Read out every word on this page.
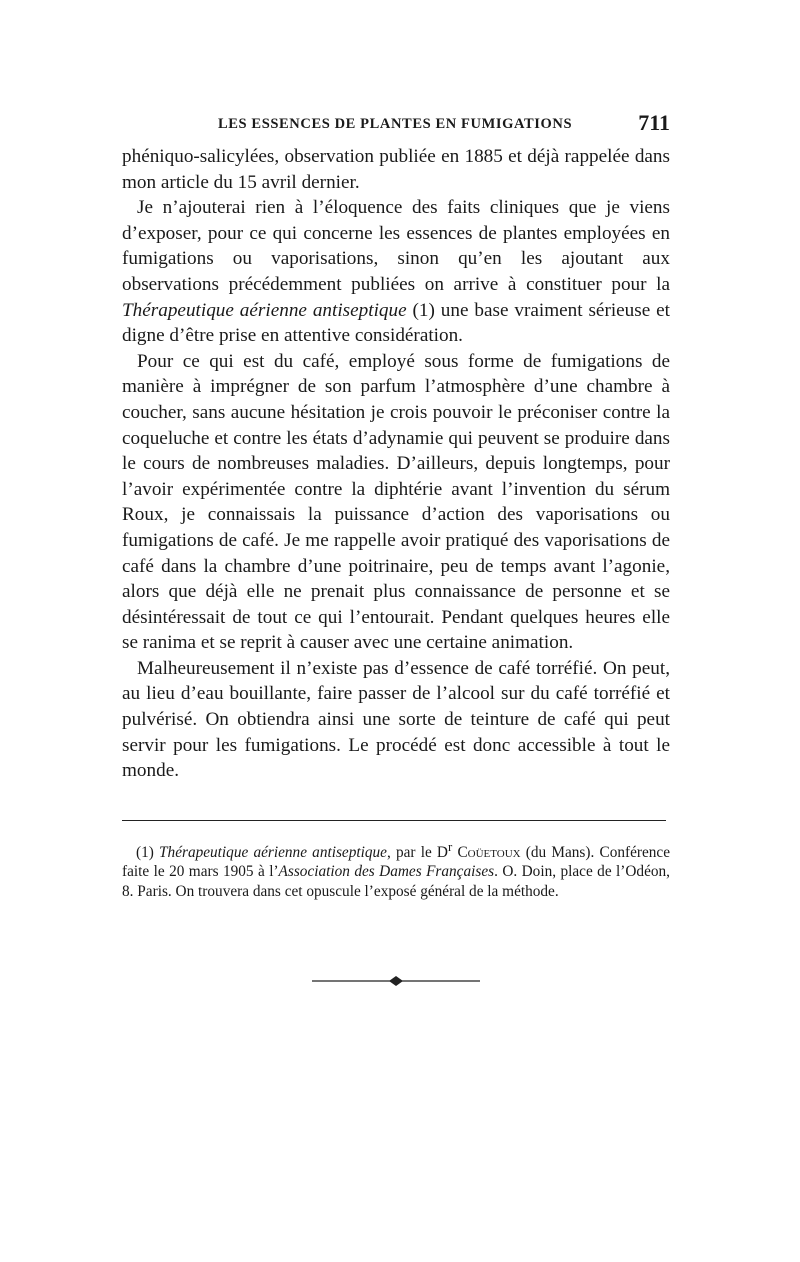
LES ESSENCES DE PLANTES EN FUMIGATIONS	711

phéniquo-salicylées, observation publiée en 1885 et déjà rappelée dans mon article du 15 avril dernier.

Je n’ajouterai rien à l’éloquence des faits cliniques que je viens d’exposer, pour ce qui concerne les essences de plantes employées en fumigations ou vaporisations, sinon qu’en les ajoutant aux observations précédemment publiées on arrive à constituer pour la Thérapeutique aérienne antiseptique (1) une base vraiment sérieuse et digne d’être prise en attentive considération.

Pour ce qui est du café, employé sous forme de fumigations de manière à imprégner de son parfum l’atmosphère d’une chambre à coucher, sans aucune hésitation je crois pouvoir le préconiser contre la coqueluche et contre les états d’adynamie qui peuvent se produire dans le cours de nombreuses maladies. D’ailleurs, depuis longtemps, pour l’avoir expérimentée contre la diphtérie avant l’invention du sérum Roux, je connaissais la puissance d’action des vaporisations ou fumigations de café. Je me rappelle avoir pratiqué des vaporisations de café dans la chambre d’une poitrinaire, peu de temps avant l’agonie, alors que déjà elle ne prenait plus connaissance de personne et se désintéressait de tout ce qui l’entourait. Pendant quelques heures elle se ranima et se reprit à causer avec une certaine animation.

Malheureusement il n’existe pas d’essence de café torréfié. On peut, au lieu d’eau bouillante, faire passer de l’alcool sur du café torréfié et pulvérisé. On obtiendra ainsi une sorte de teinture de café qui peut servir pour les fumigations. Le procédé est donc accessible à tout le monde.

(1) Thérapeutique aérienne antiseptique, par le $D^r$ Coüetoux (du Mans). Conférence faite le 20 mars 1905 à l’Association des Dames Françaises. O. Doin, place de l’Odéon, 8. Paris. On trouvera dans cet opuscule l’exposé général de la méthode.
